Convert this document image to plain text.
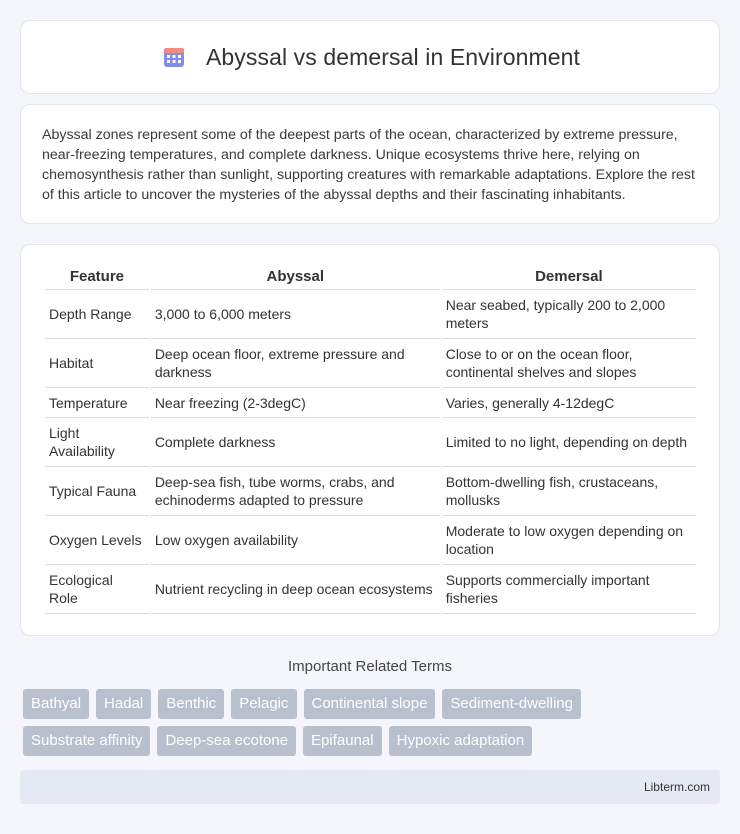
Abyssal vs demersal in Environment

Abyssal zones represent some of the deepest parts of the ocean, characterized by extreme pressure, near-freezing temperatures, and complete darkness. Unique ecosystems thrive here, relying on chemosynthesis rather than sunlight, supporting creatures with remarkable adaptations. Explore the rest of this article to uncover the mysteries of the abyssal depths and their fascinating inhabitants.

Feature	Abyssal	Demersal
Depth Range	3,000 to 6,000 meters	Near seabed, typically 200 to 2,000 meters
Habitat	Deep ocean floor, extreme pressure and darkness	Close to or on the ocean floor, continental shelves and slopes
Temperature	Near freezing (2-3degC)	Varies, generally 4-12degC
Light Availability	Complete darkness	Limited to no light, depending on depth
Typical Fauna	Deep-sea fish, tube worms, crabs, and echinoderms adapted to pressure	Bottom-dwelling fish, crustaceans, mollusks
Oxygen Levels	Low oxygen availability	Moderate to low oxygen depending on location
Ecological Role	Nutrient recycling in deep ocean ecosystems	Supports commercially important fisheries
Important Related Terms
Bathyal	Hadal	Benthic	Pelagic	Continental slope	Sediment-dwelling
Substrate affinity	Deep-sea ecotone	Epifaunal	Hypoxic adaptation
Libterm.com
